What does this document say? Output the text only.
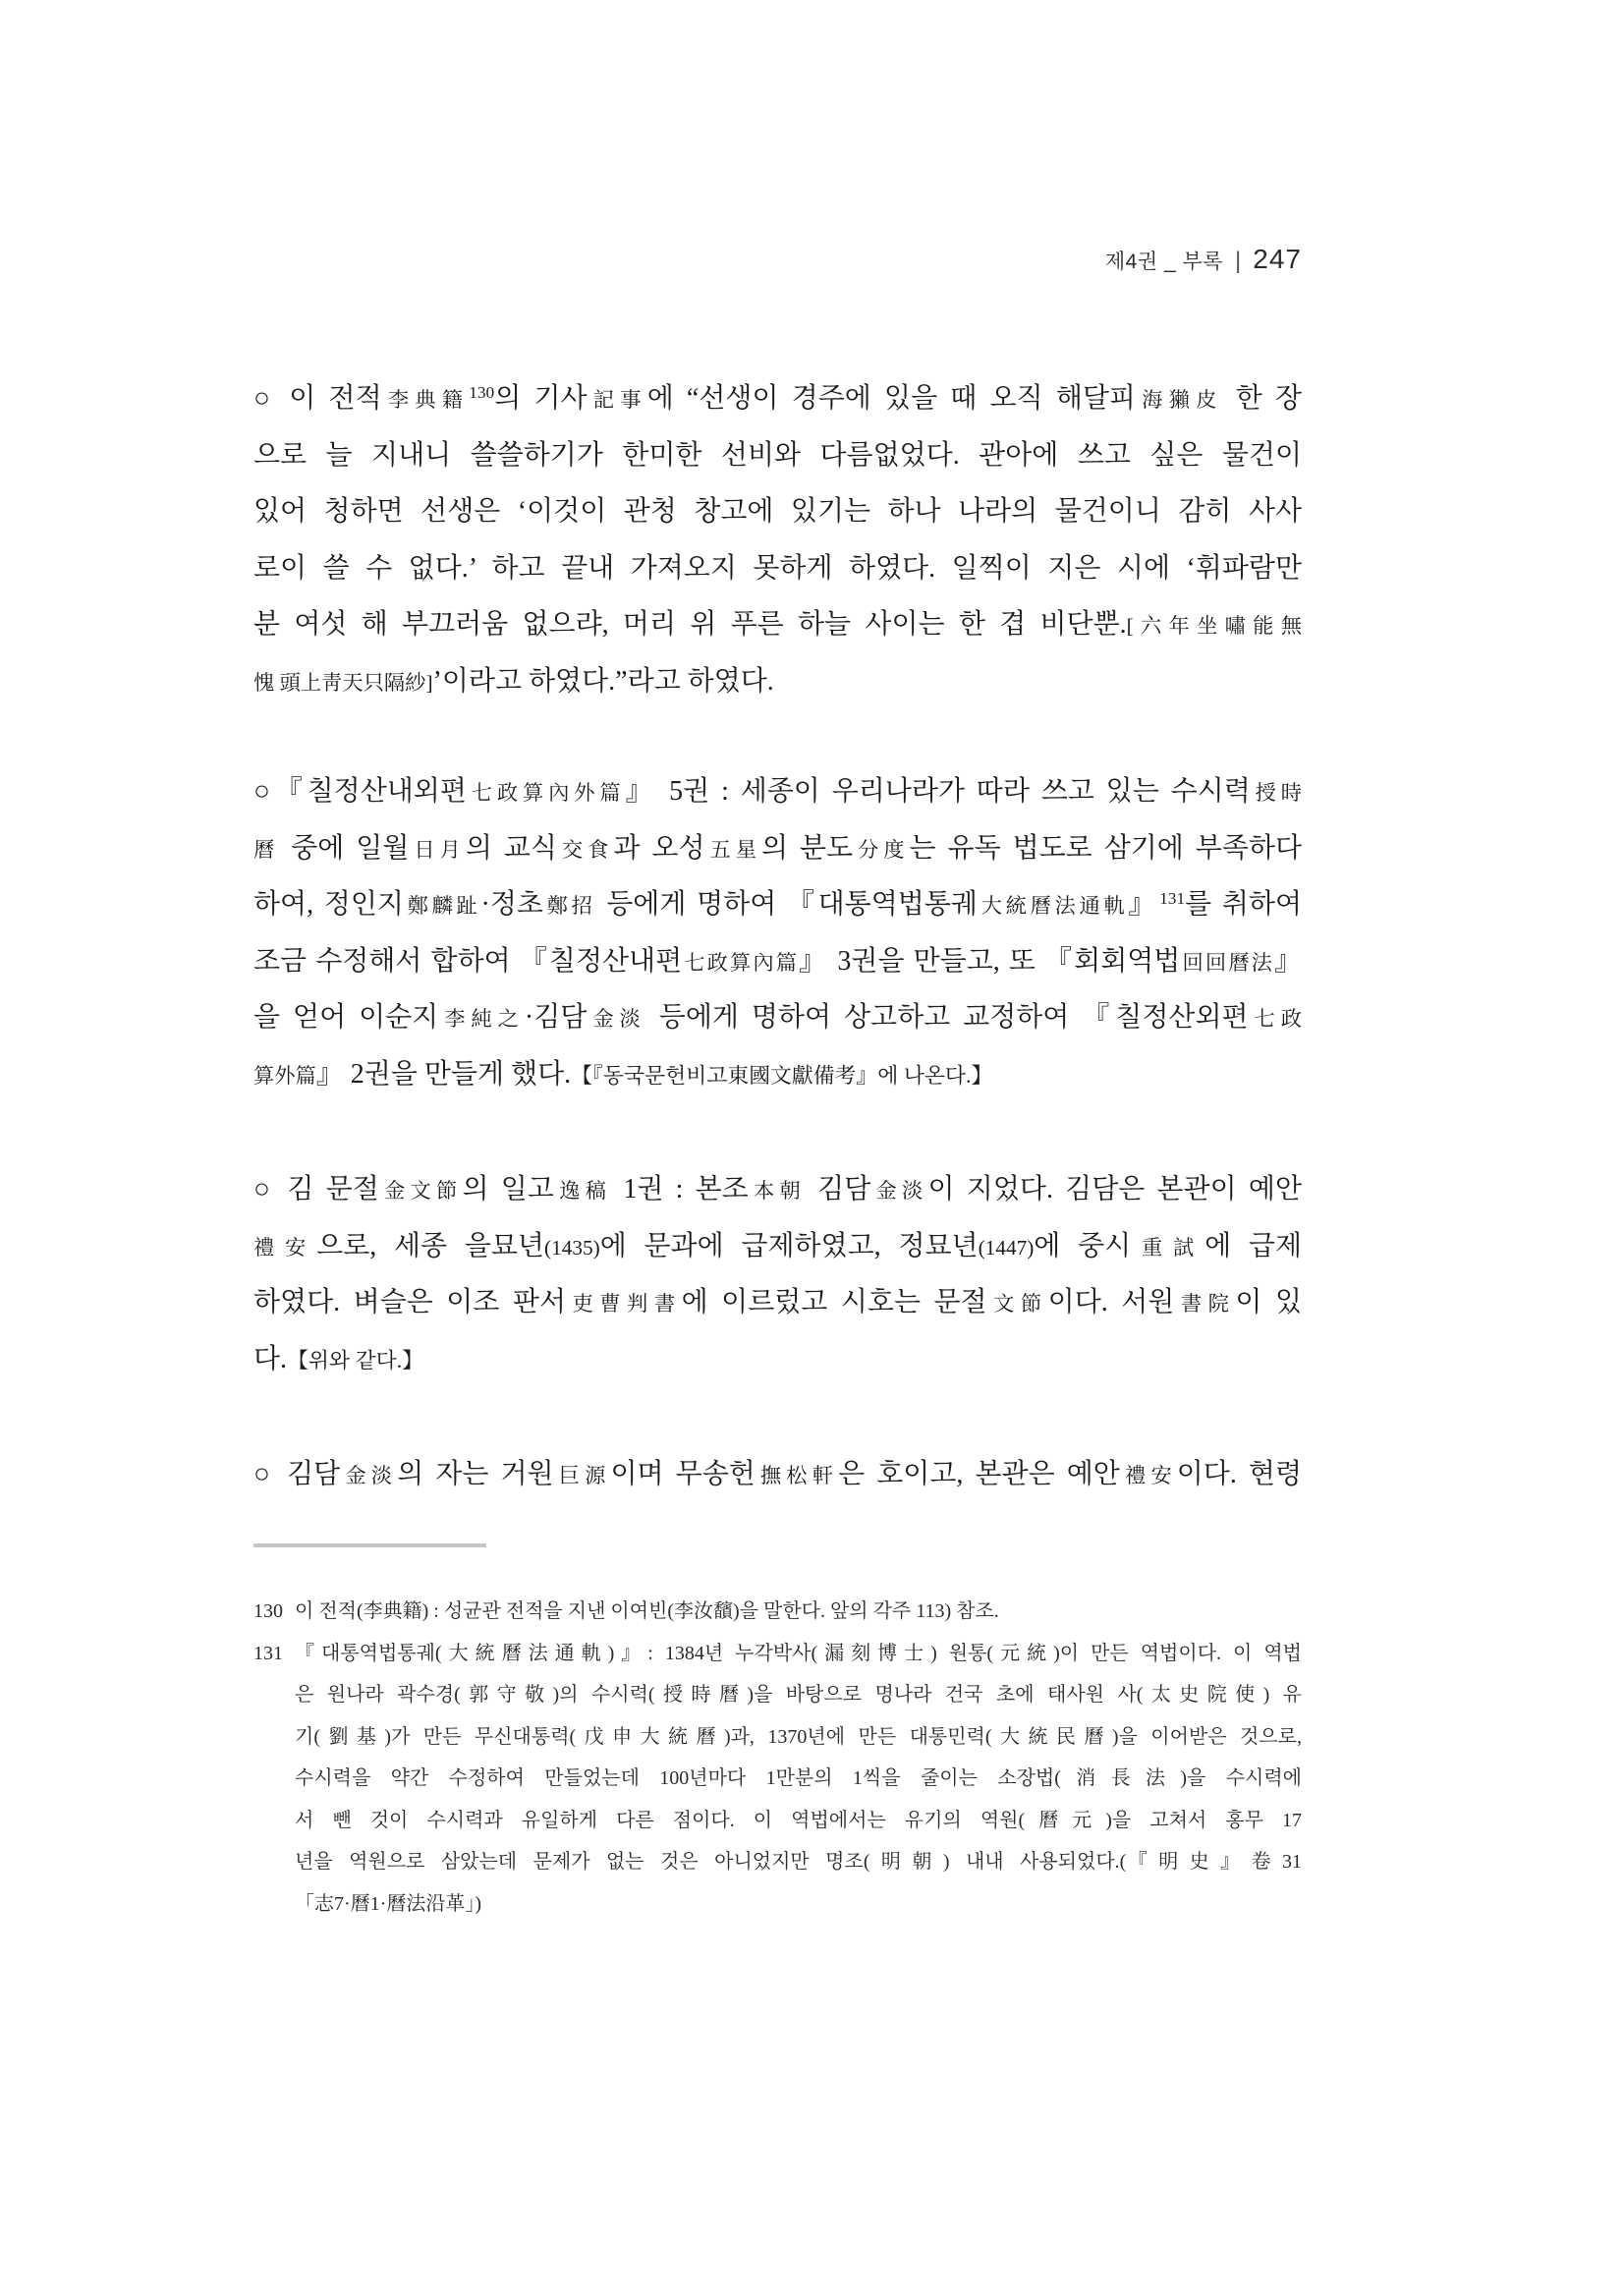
제4권 _ 부록 | 247
○ 이 전적李典籍$^{130}$의 기사記事에 “선생이 경주에 있을 때 오직 해달피海獺皮 한 장
으로 늘 지내니 쓸쓸하기가 한미한 선비와 다름없었다. 관아에 쓰고 싶은 물건이
있어 청하면 선생은 ‘이것이 관청 창고에 있기는 하나 나라의 물건이니 감히 사사
로이 쓸 수 없다.’ 하고 끝내 가져오지 못하게 하였다. 일찍이 지은 시에 ‘휘파람만
분 여섯 해 부끄러움 없으랴, 머리 위 푸른 하늘 사이는 한 겹 비단뿐.[六年坐嘯能無
愧 頭上靑天只隔紗]’이라고 하였다.”라고 하였다.
○『칠정산내외편七政算內外篇』 5권 : 세종이 우리나라가 따라 쓰고 있는 수시력授時
曆 중에 일월日月의 교식交食과 오성五星의 분도分度는 유독 법도로 삼기에 부족하다
하여, 정인지鄭麟趾·정초鄭招 등에게 명하여 『대통역법통궤大統曆法通軌』$^{131}$를 취하여
조금 수정해서 합하여 『칠정산내편七政算內篇』 3권을 만들고, 또 『회회역법回回曆法』
을 얻어 이순지李純之·김담金淡 등에게 명하여 상고하고 교정하여 『칠정산외편七政
算外篇』 2권을 만들게 했다.【『동국문헌비고東國文獻備考』에 나온다.】
○ 김 문절金文節의 일고逸稿 1권 : 본조本朝 김담金淡이 지었다. 김담은 본관이 예안
禮安으로, 세종 을묘년(1435)에 문과에 급제하였고, 정묘년(1447)에 중시重試에 급제
하였다. 벼슬은 이조 판서吏曹判書에 이르렀고 시호는 문절文節이다. 서원書院이 있
다.【위와 같다.】
○ 김담金淡의 자는 거원巨源이며 무송헌撫松軒은 호이고, 본관은 예안禮安이다. 현령
130 이 전적(李典籍) : 성균관 전적을 지낸 이여빈(李汝馪)을 말한다. 앞의 각주 113) 참조.
131 『대통역법통궤(大統曆法通軌)』: 1384년 누각박사(漏刻博士) 원통(元統)이 만든 역법이다. 이 역법
은 원나라 곽수경(郭守敬)의 수시력(授時曆)을 바탕으로 명나라 건국 초에 태사원 사(太史院使) 유
기(劉基)가 만든 무신대통력(戊申大統曆)과, 1370년에 만든 대통민력(大統民曆)을 이어받은 것으로,
수시력을 약간 수정하여 만들었는데 100년마다 1만분의 1씩을 줄이는 소장법(消長法)을 수시력에
서 뺀 것이 수시력과 유일하게 다른 점이다. 이 역법에서는 유기의 역원(曆元)을 고쳐서 홍무 17
년을 역원으로 삼았는데 문제가 없는 것은 아니었지만 명조(明朝) 내내 사용되었다.(『明史』卷31
「志7·曆1·曆法沿革」)
